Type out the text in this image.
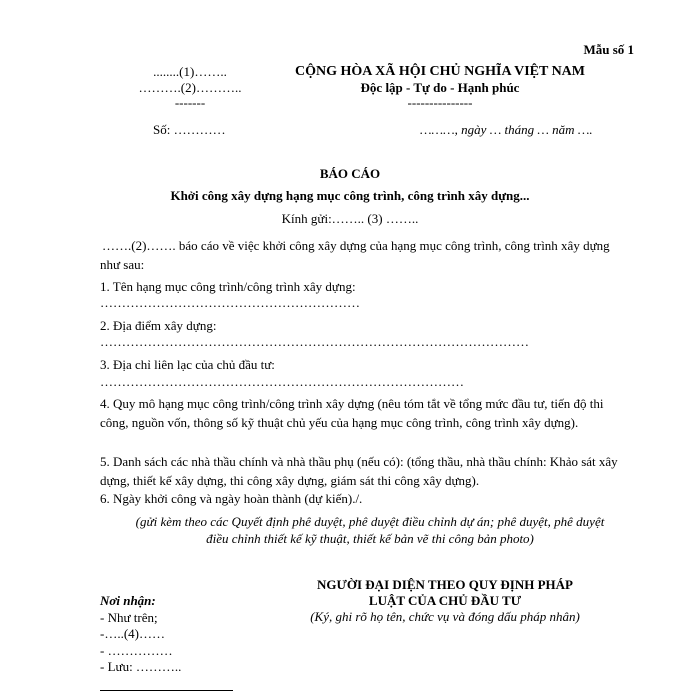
Mẫu số 1
........(1)……..
……….(2)………..
-------
CỘNG HÒA XÃ HỘI CHỦ NGHĨA VIỆT NAM
Độc lập - Tự do - Hạnh phúc
---------------
Số: …………	………, ngày … tháng … năm ….
BÁO CÁO
Khởi công xây dựng hạng mục công trình, công trình xây dựng...
Kính gửi:…….. (3) ……..
…….(2)……. báo cáo về việc khởi công xây dựng của hạng mục công trình, công trình xây dựng như sau:
1. Tên hạng mục công trình/công trình xây dựng:
……………………………………………………
2. Địa điểm xây dựng:
………………………………………………………………………………………
3. Địa chỉ liên lạc của chủ đầu tư:
…………………………………………………………………………
4. Quy mô hạng mục công trình/công trình xây dựng (nêu tóm tắt về tổng mức đầu tư, tiến độ thi công, nguồn vốn, thông số kỹ thuật chủ yếu của hạng mục công trình, công trình xây dựng).
5. Danh sách các nhà thầu chính và nhà thầu phụ (nếu có): (tổng thầu, nhà thầu chính: Khảo sát xây dựng, thiết kế xây dựng, thi công xây dựng, giám sát thi công xây dựng).
6. Ngày khởi công và ngày hoàn thành (dự kiến)./.
(gửi kèm theo các Quyết định phê duyệt, phê duyệt điều chỉnh dự án; phê duyệt, phê duyệt
điều chỉnh thiết kế kỹ thuật, thiết kế bản vẽ thi công bản photo)
NGƯỜI ĐẠI DIỆN THEO QUY ĐỊNH PHÁP
LUẬT CỦA CHỦ ĐẦU TƯ
(Ký, ghi rõ họ tên, chức vụ và đóng dấu pháp nhân)
Nơi nhận:
- Như trên;
-…..(4)……
- ……………
- Lưu: ………..
